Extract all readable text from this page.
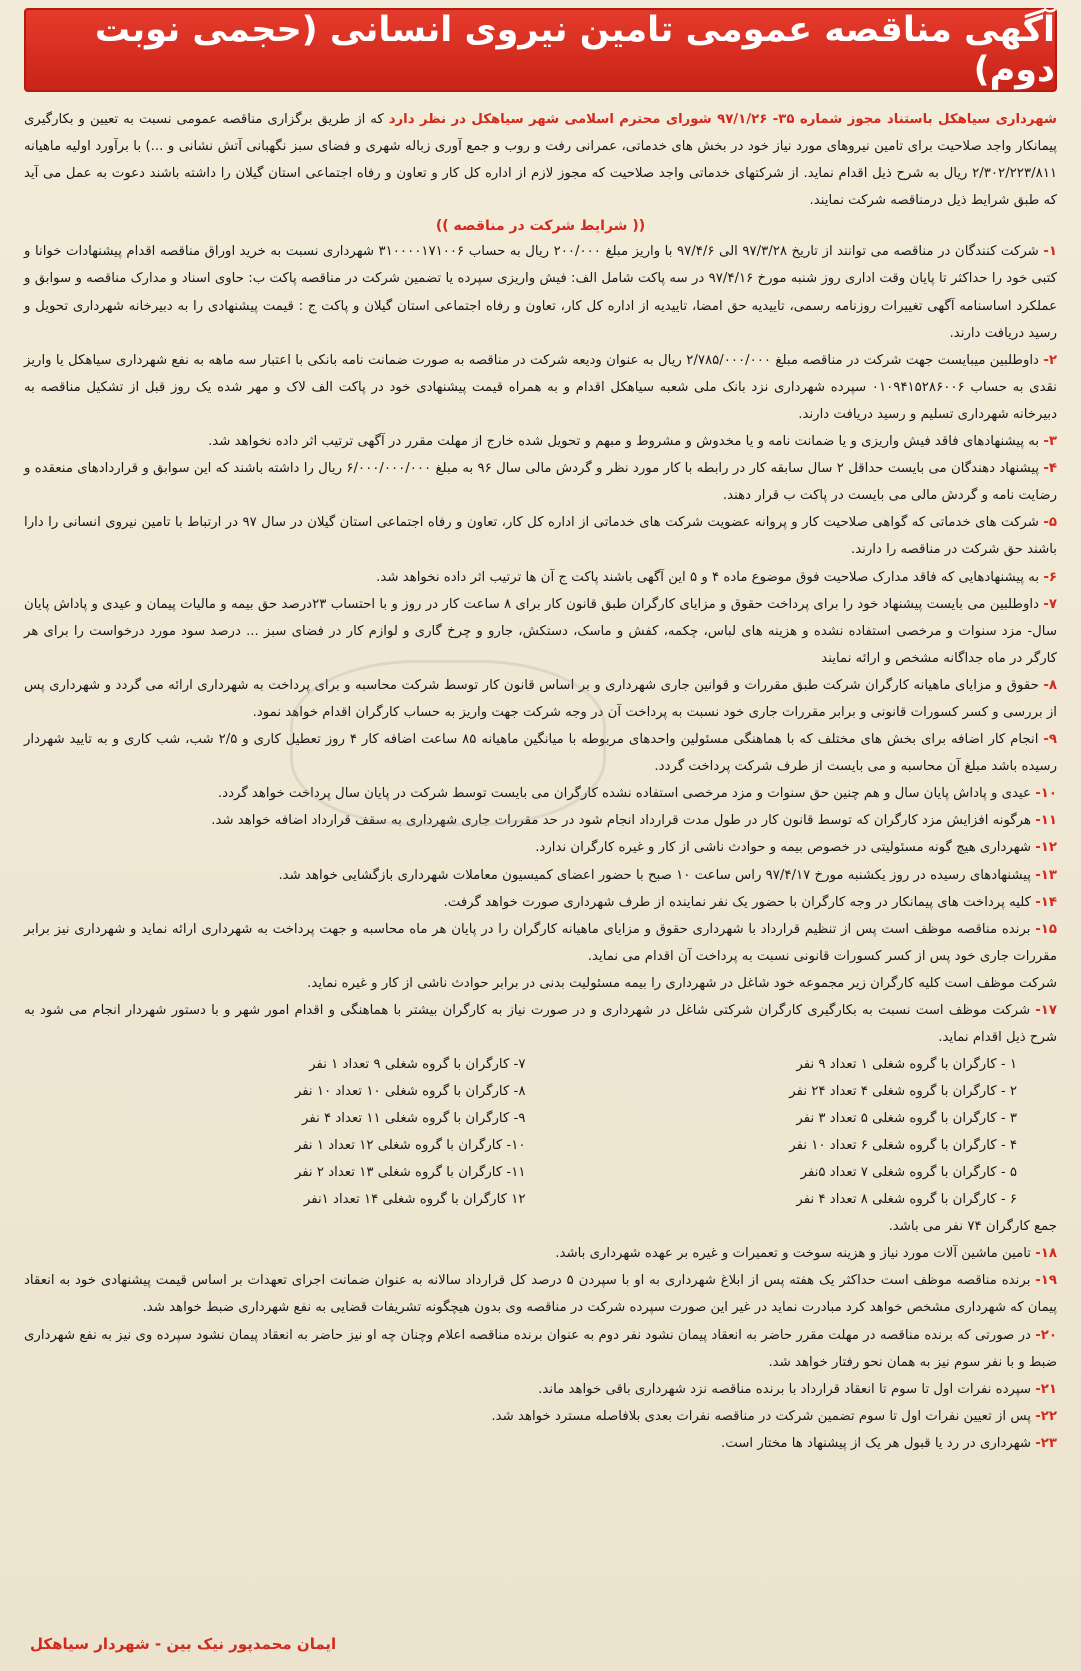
آگهی مناقصه عمومی تامین نیروی انسانی (حجمی نوبت دوم)

شهرداری سیاهکل باستناد مجوز شماره ۳۵- ۹۷/۱/۲۶ شورای محترم اسلامی شهر سیاهکل در نظر دارد که از طریق برگزاری مناقصه عمومی نسبت به تعیین و بکارگیری پیمانکار واجد صلاحیت برای تامین نیروهای مورد نیاز خود در بخش های خدماتی، عمرانی رفت و روب و جمع آوری زباله شهری و فضای سبز نگهبانی آتش نشانی و ...) با برآورد اولیه ماهیانه ۲/۳۰۲/۲۲۳/۸۱۱ ریال به شرح ذیل اقدام نماید. از شرکتهای خدماتی واجد صلاحیت که مجوز لازم از اداره کل کار و تعاون و رفاه اجتماعی استان گیلان را داشته باشند دعوت به عمل می آید که طبق شرایط ذیل درمناقصه شرکت نمایند.

(( شرایط شرکت در مناقصه ))

۱- شرکت کنندگان در مناقصه می توانند از تاریخ ۹۷/۳/۲۸ الی ۹۷/۴/۶ با واریز مبلغ ۲۰۰/۰۰۰ ریال به حساب ۳۱۰۰۰۰۱۷۱۰۰۶ شهرداری نسبت به خرید اوراق مناقصه اقدام پیشنهادات خوانا و کتبی خود را حداکثر تا پایان وقت اداری روز شنبه مورخ ۹۷/۴/۱۶ در سه پاکت شامل الف: فیش واریزی سپرده یا تضمین شرکت در مناقصه پاکت ب: حاوی اسناد و مدارک مناقصه و سوابق و عملکرد اساسنامه آگهی تغییرات روزنامه رسمی، تاییدیه حق امضا، تاییدیه از اداره کل کار، تعاون و رفاه اجتماعی استان گیلان و پاکت ج : قیمت پیشنهادی را به دبیرخانه شهرداری تحویل و رسید دریافت دارند.

۲- داوطلبین میبایست جهت شرکت در مناقصه مبلغ ۲/۷۸۵/۰۰۰/۰۰۰ ریال به عنوان ودیعه شرکت در مناقصه به صورت ضمانت نامه بانکی با اعتبار سه ماهه به نفع شهرداری سیاهکل یا واریز نقدی به حساب ۰۱۰۹۴۱۵۲۸۶۰۰۶ سپرده شهرداری نزد بانک ملی شعبه سیاهکل اقدام و به همراه قیمت پیشنهادی خود در پاکت الف لاک و مهر شده یک روز قبل از تشکیل مناقصه به دبیرخانه شهرداری تسلیم و رسید دریافت دارند.

۳- به پیشنهادهای فاقد فیش واریزی و یا ضمانت نامه و یا مخدوش و مشروط و مبهم و تحویل شده خارج از مهلت مقرر در آگهی ترتیب اثر داده نخواهد شد.

۴- پیشنهاد دهندگان می بایست حداقل ۲ سال سابقه کار در رابطه با کار مورد نظر و گردش مالی سال ۹۶ به مبلغ ۶/۰۰۰/۰۰۰/۰۰۰ ریال را داشته باشند که این سوابق و قراردادهای منعقده و رضایت نامه و گردش مالی می بایست در پاکت ب قرار دهند.

۵- شرکت های خدماتی که گواهی صلاحیت کار و پروانه عضویت شرکت های خدماتی از اداره کل کار، تعاون و رفاه اجتماعی استان گیلان در سال ۹۷ در ارتباط با تامین نیروی انسانی را دارا باشند حق شرکت در مناقصه را دارند.

۶- به پیشنهادهایی که فاقد مدارک صلاحیت فوق موضوع ماده ۴ و ۵ این آگهی باشند پاکت ج آن ها ترتیب اثر داده نخواهد شد.

۷- داوطلبین می بایست پیشنهاد خود را برای پرداخت حقوق و مزایای کارگران طبق قانون کار برای ۸ ساعت کار در روز و با احتساب ۲۳درصد حق بیمه و مالیات پیمان و عیدی و پاداش پایان سال- مزد سنوات و مرخصی استفاده نشده و هزینه های لباس، چکمه، کفش و ماسک، دستکش، جارو و چرخ گاری و لوازم کار در فضای سبز ... درصد سود مورد درخواست را برای هر کارگر در ماه جداگانه مشخص و ارائه نمایند

۸- حقوق و مزایای ماهیانه کارگران شرکت طبق مقررات و قوانین جاری شهرداری و بر اساس قانون کار توسط شرکت محاسبه و برای پرداخت به شهرداری ارائه می گردد و شهرداری پس از بررسی و کسر کسورات قانونی و برابر مقررات جاری خود نسبت به پرداخت آن در وجه شرکت جهت واریز به حساب کارگران اقدام خواهد نمود.

۹- انجام کار اضافه برای بخش های مختلف که با هماهنگی مسئولین واحدهای مربوطه با میانگین ماهیانه ۸۵ ساعت اضافه کار ۴ روز تعطیل کاری و ۲/۵ شب، شب کاری و به تایید شهردار رسیده باشد مبلغ آن محاسبه و می بایست از طرف شرکت پرداخت گردد.

۱۰- عیدی و پاداش پایان سال و هم چنین حق سنوات و مزد مرخصی استفاده نشده کارگران می بایست توسط شرکت در پایان سال پرداخت خواهد گردد.

۱۱- هرگونه افزایش مزد کارگران که توسط قانون کار در طول مدت قرارداد انجام شود در حد مقررات جاری شهرداری به سقف قرارداد اضافه خواهد شد.

۱۲- شهرداری هیچ گونه مسئولیتی در خصوص بیمه و حوادث ناشی از کار و غیره کارگران ندارد.

۱۳- پیشنهادهای رسیده در روز یکشنبه مورخ ۹۷/۴/۱۷ راس ساعت ۱۰ صبح با حضور اعضای کمیسیون معاملات شهرداری بازگشایی خواهد شد.

۱۴- کلیه پرداخت های پیمانکار در وجه کارگران با حضور یک نفر نماینده از طرف شهرداری صورت خواهد گرفت.

۱۵- برنده مناقصه موظف است پس از تنظیم قرارداد با شهرداری حقوق و مزایای ماهیانه کارگران را در پایان هر ماه محاسبه و جهت پرداخت به شهرداری ارائه نماید و شهرداری نیز برابر مقررات جاری خود پس از کسر کسورات قانونی نسبت به پرداخت آن اقدام می نماید.

شرکت موظف است کلیه کارگران زیر مجموعه خود شاغل در شهرداری را بیمه مسئولیت بدنی در برابر حوادث ناشی از کار و غیره نماید.

۱۷- شرکت موظف است نسبت به بکارگیری کارگران شرکتی شاغل در شهرداری و در صورت نیاز به کارگران بیشتر با هماهنگی و اقدام امور شهر و با دستور شهردار انجام می شود به شرح ذیل اقدام نماید.

۱ - کارگران با گروه شغلی ۱ تعداد ۹ نفر
۲ - کارگران با گروه شغلی ۴ تعداد ۲۴ نفر
۳ - کارگران با گروه شغلی ۵ تعداد ۳ نفر
۴ - کارگران با گروه شغلی ۶ تعداد ۱۰ نفر
۵ - کارگران با گروه شغلی ۷ تعداد ۵نفر
۶ - کارگران با گروه شغلی ۸ تعداد ۴ نفر
۷- کارگران با گروه شغلی ۹ تعداد ۱ نفر
۸- کارگران با گروه شغلی ۱۰ تعداد ۱۰ نفر
۹- کارگران با گروه شغلی ۱۱ تعداد ۴ نفر
۱۰- کارگران با گروه شغلی ۱۲ تعداد ۱ نفر
۱۱- کارگران با گروه شغلی ۱۳ تعداد ۲ نفر
۱۲ کارگران با گروه شغلی ۱۴ تعداد ۱نفر

جمع کارگران ۷۴ نفر می باشد.

۱۸- تامین ماشین آلات مورد نیاز و هزینه سوخت و تعمیرات و غیره بر عهده شهرداری باشد.

۱۹- برنده مناقصه موظف است حداکثر یک هفته پس از ابلاغ شهرداری به او با سپردن ۵ درصد کل قرارداد سالانه به عنوان ضمانت اجرای تعهدات بر اساس قیمت پیشنهادی خود به انعقاد پیمان که شهرداری مشخص خواهد کرد مبادرت نماید در غیر این صورت سپرده شرکت در مناقصه وی بدون هیچگونه تشریفات قضایی به نفع شهرداری ضبط خواهد شد.

۲۰- در صورتی که برنده مناقصه در مهلت مقرر حاضر به انعقاد پیمان نشود نفر دوم به عنوان برنده مناقصه اعلام وچنان چه او نیز حاضر به انعقاد پیمان نشود سپرده وی نیز به نفع شهرداری ضبط و با نفر سوم نیز به همان نحو رفتار خواهد شد.

۲۱- سپرده نفرات اول تا سوم تا انعقاد قرارداد با برنده مناقصه نزد شهرداری باقی خواهد ماند.

۲۲- پس از تعیین نفرات اول تا سوم تضمین شرکت در مناقصه نفرات بعدی بلافاصله مسترد خواهد شد.

۲۳- شهرداری در رد یا قبول هر یک از پیشنهاد ها مختار است.

ایمان محمدپور نیک بین - شهردار سیاهکل
